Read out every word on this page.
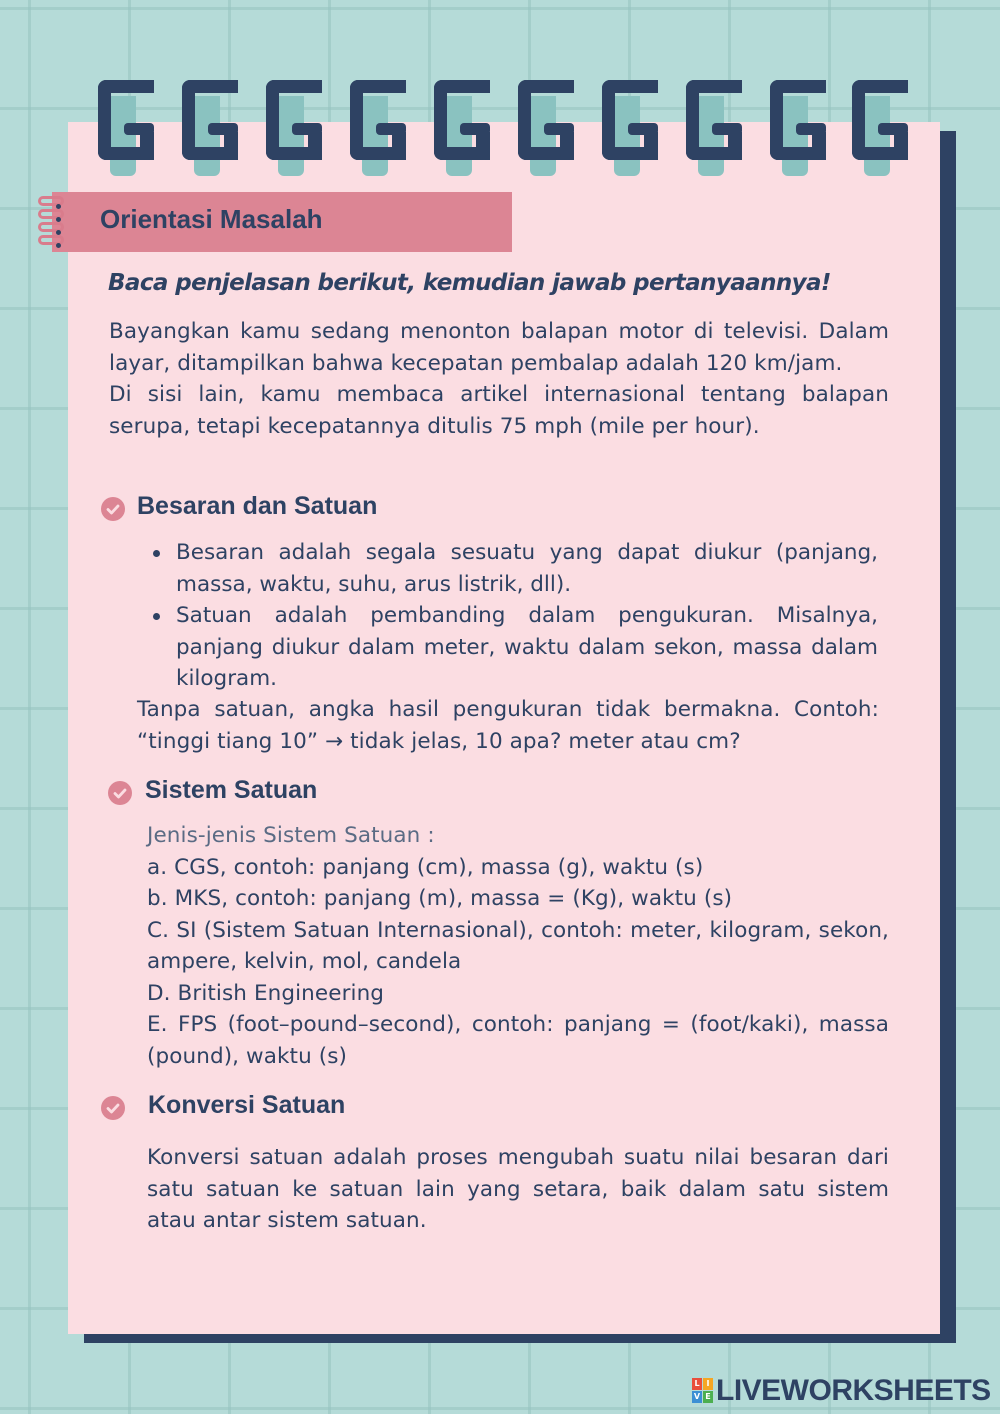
Orientasi Masalah
Baca penjelasan berikut, kemudian jawab pertanyaannya!

Bayangkan kamu sedang menonton balapan motor di televisi. Dalam layar, ditampilkan bahwa kecepatan pembalap adalah 120 km/jam.

Di sisi lain, kamu membaca artikel internasional tentang balapan serupa, tetapi kecepatannya ditulis 75 mph (mile per hour).

Besaran dan Satuan
Besaran adalah segala sesuatu yang dapat diukur (panjang, massa, waktu, suhu, arus listrik, dll).
Satuan adalah pembanding dalam pengukuran. Misalnya, panjang diukur dalam meter, waktu dalam sekon, massa dalam kilogram.
Tanpa satuan, angka hasil pengukuran tidak bermakna. Contoh: “tinggi tiang 10” → tidak jelas, 10 apa? meter atau cm?
Sistem Satuan
Jenis-jenis Sistem Satuan :
a. CGS, contoh: panjang (cm), massa (g), waktu (s)
b. MKS, contoh: panjang (m), massa = (Kg), waktu (s)
C. SI (Sistem Satuan Internasional), contoh: meter, kilogram, sekon, ampere, kelvin, mol, candela
D. British Engineering
E. FPS (foot–pound–second), contoh: panjang = (foot/kaki), massa (pound), waktu (s)
Konversi Satuan
Konversi satuan adalah proses mengubah suatu nilai besaran dari satu satuan ke satuan lain yang setara, baik dalam satu sistem atau antar sistem satuan.
L I
V E LIVEWORKSHEETS
